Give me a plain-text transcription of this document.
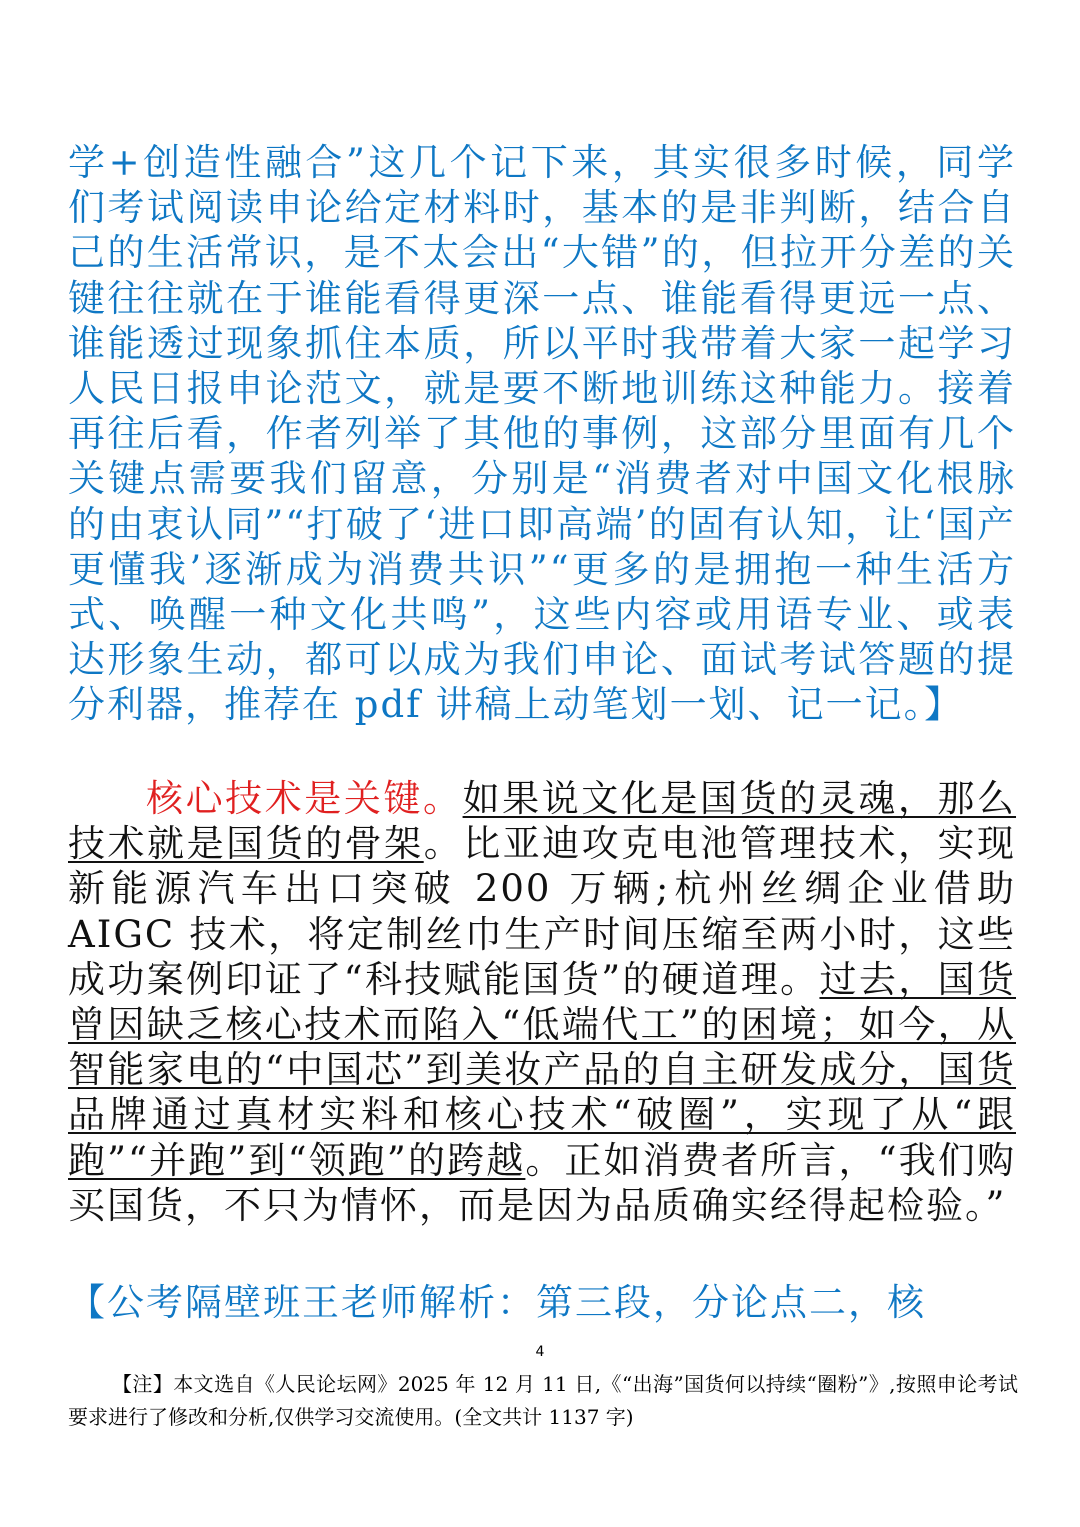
学+创造性融合”这几个记下来，其实很多时候，同学们考试阅读申论给定材料时，基本的是非判断，结合自己的生活常识，是不太会出“大错”的，但拉开分差的关键往往就在于谁能看得更深一点、谁能看得更远一点、谁能透过现象抓住本质，所以平时我带着大家一起学习人民日报申论范文，就是要不断地训练这种能力。接着再往后看，作者列举了其他的事例，这部分里面有几个关键点需要我们留意，分别是“消费者对中国文化根脉的由衷认同”“打破了‘进口即高端’的固有认知，让‘国产更懂我’逐渐成为消费共识”“更多的是拥抱一种生活方式、唤醒一种文化共鸣”，这些内容或用语专业、或表达形象生动，都可以成为我们申论、面试考试答题的提分利器，推荐在 pdf 讲稿上动笔划一划、记一记。】

核心技术是关键。如果说文化是国货的灵魂，那么技术就是国货的骨架。比亚迪攻克电池管理技术，实现新能源汽车出口突破 200 万辆;杭州丝绸企业借助 AIGC 技术，将定制丝巾生产时间压缩至两小时，这些成功案例印证了“科技赋能国货”的硬道理。过去，国货曾因缺乏核心技术而陷入“低端代工”的困境；如今，从智能家电的“中国芯”到美妆产品的自主研发成分，国货品牌通过真材实料和核心技术“破圈”，实现了从“跟跑”“并跑”到“领跑”的跨越。正如消费者所言，“我们购买国货，不只为情怀，而是因为品质确实经得起检验。”

【公考隔壁班王老师解析：第三段，分论点二，核

4

【注】本文选自《人民论坛网》2025 年 12 月 11 日,《“出海”国货何以持续“圈粉”》,按照申论考试要求进行了修改和分析,仅供学习交流使用。(全文共计 1137 字)
